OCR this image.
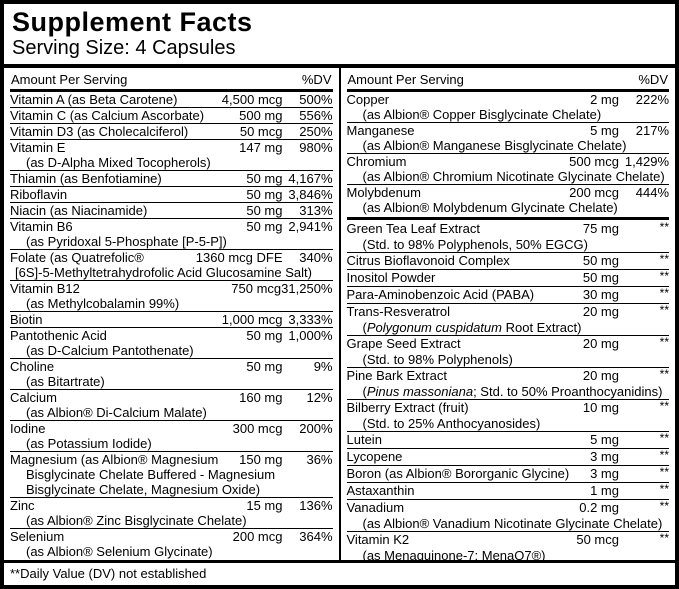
Supplement Facts
Serving Size: 4 Capsules
Amount Per Serving	%DV
Vitamin A (as Beta Carotene)	4,500 mcg	500%
Vitamin C (as Calcium Ascorbate)	500 mg	556%
Vitamin D3 (as Cholecalciferol)	50 mcg	250%
Vitamin E	147 mg	980%
(as D-Alpha Mixed Tocopherols)
Thiamin (as Benfotiamine)	50 mg 4,167%
Riboflavin	50 mg 3,846%
Niacin (as Niacinamide)	50 mg	313%
Vitamin B6	50 mg 2,941%
(as Pyridoxal 5-Phosphate [P-5-P])
Folate (as Quatrefolic®	1360 mcg DFE	340%
[6S]-5-Methyltetrahydrofolic Acid Glucosamine Salt)
Vitamin B12	750 mcg 31,250%
(as Methylcobalamin 99%)
Biotin	1,000 mcg 3,333%
Pantothenic Acid	50 mg 1,000%
(as D-Calcium Pantothenate)
Choline	50 mg	9%
(as Bitartrate)
Calcium	160 mg	12%
(as Albion® Di-Calcium Malate)
Iodine	300 mcg	200%
(as Potassium Iodide)
Magnesium (as Albion® Magnesium	150 mg	36%
Bisglycinate Chelate Buffered - Magnesium
Bisglycinate Chelate, Magnesium Oxide)
Zinc	15 mg	136%
(as Albion® Zinc Bisglycinate Chelate)
Selenium	200 mcg	364%
(as Albion® Selenium Glycinate)
Amount Per Serving	%DV
Copper	2 mg	222%
(as Albion® Copper Bisglycinate Chelate)
Manganese	5 mg	217%
(as Albion® Manganese Bisglycinate Chelate)
Chromium	500 mcg 1,429%
(as Albion® Chromium Nicotinate Glycinate Chelate)
Molybdenum	200 mcg	444%
(as Albion® Molybdenum Glycinate Chelate)
Green Tea Leaf Extract	75 mg	**
(Std. to 98% Polyphenols, 50% EGCG)
Citrus Bioflavonoid Complex	50 mg	**
Inositol Powder	50 mg	**
Para-Aminobenzoic Acid (PABA)	30 mg	**
Trans-Resveratrol	20 mg	**
(Polygonum cuspidatum Root Extract)
Grape Seed Extract	20 mg	**
(Std. to 98% Polyphenols)
Pine Bark Extract	20 mg	**
(Pinus massoniana; Std. to 50% Proanthocyanidins)
Bilberry Extract (fruit)	10 mg	**
(Std. to 25% Anthocyanosides)
Lutein	5 mg	**
Lycopene	3 mg	**
Boron (as Albion® Bororganic Glycine)	3 mg	**
Astaxanthin	1 mg	**
Vanadium	0.2 mg	**
(as Albion® Vanadium Nicotinate Glycinate Chelate)
Vitamin K2	50 mcg	**
(as Menaquinone-7; MenaQ7®)
**Daily Value (DV) not established
